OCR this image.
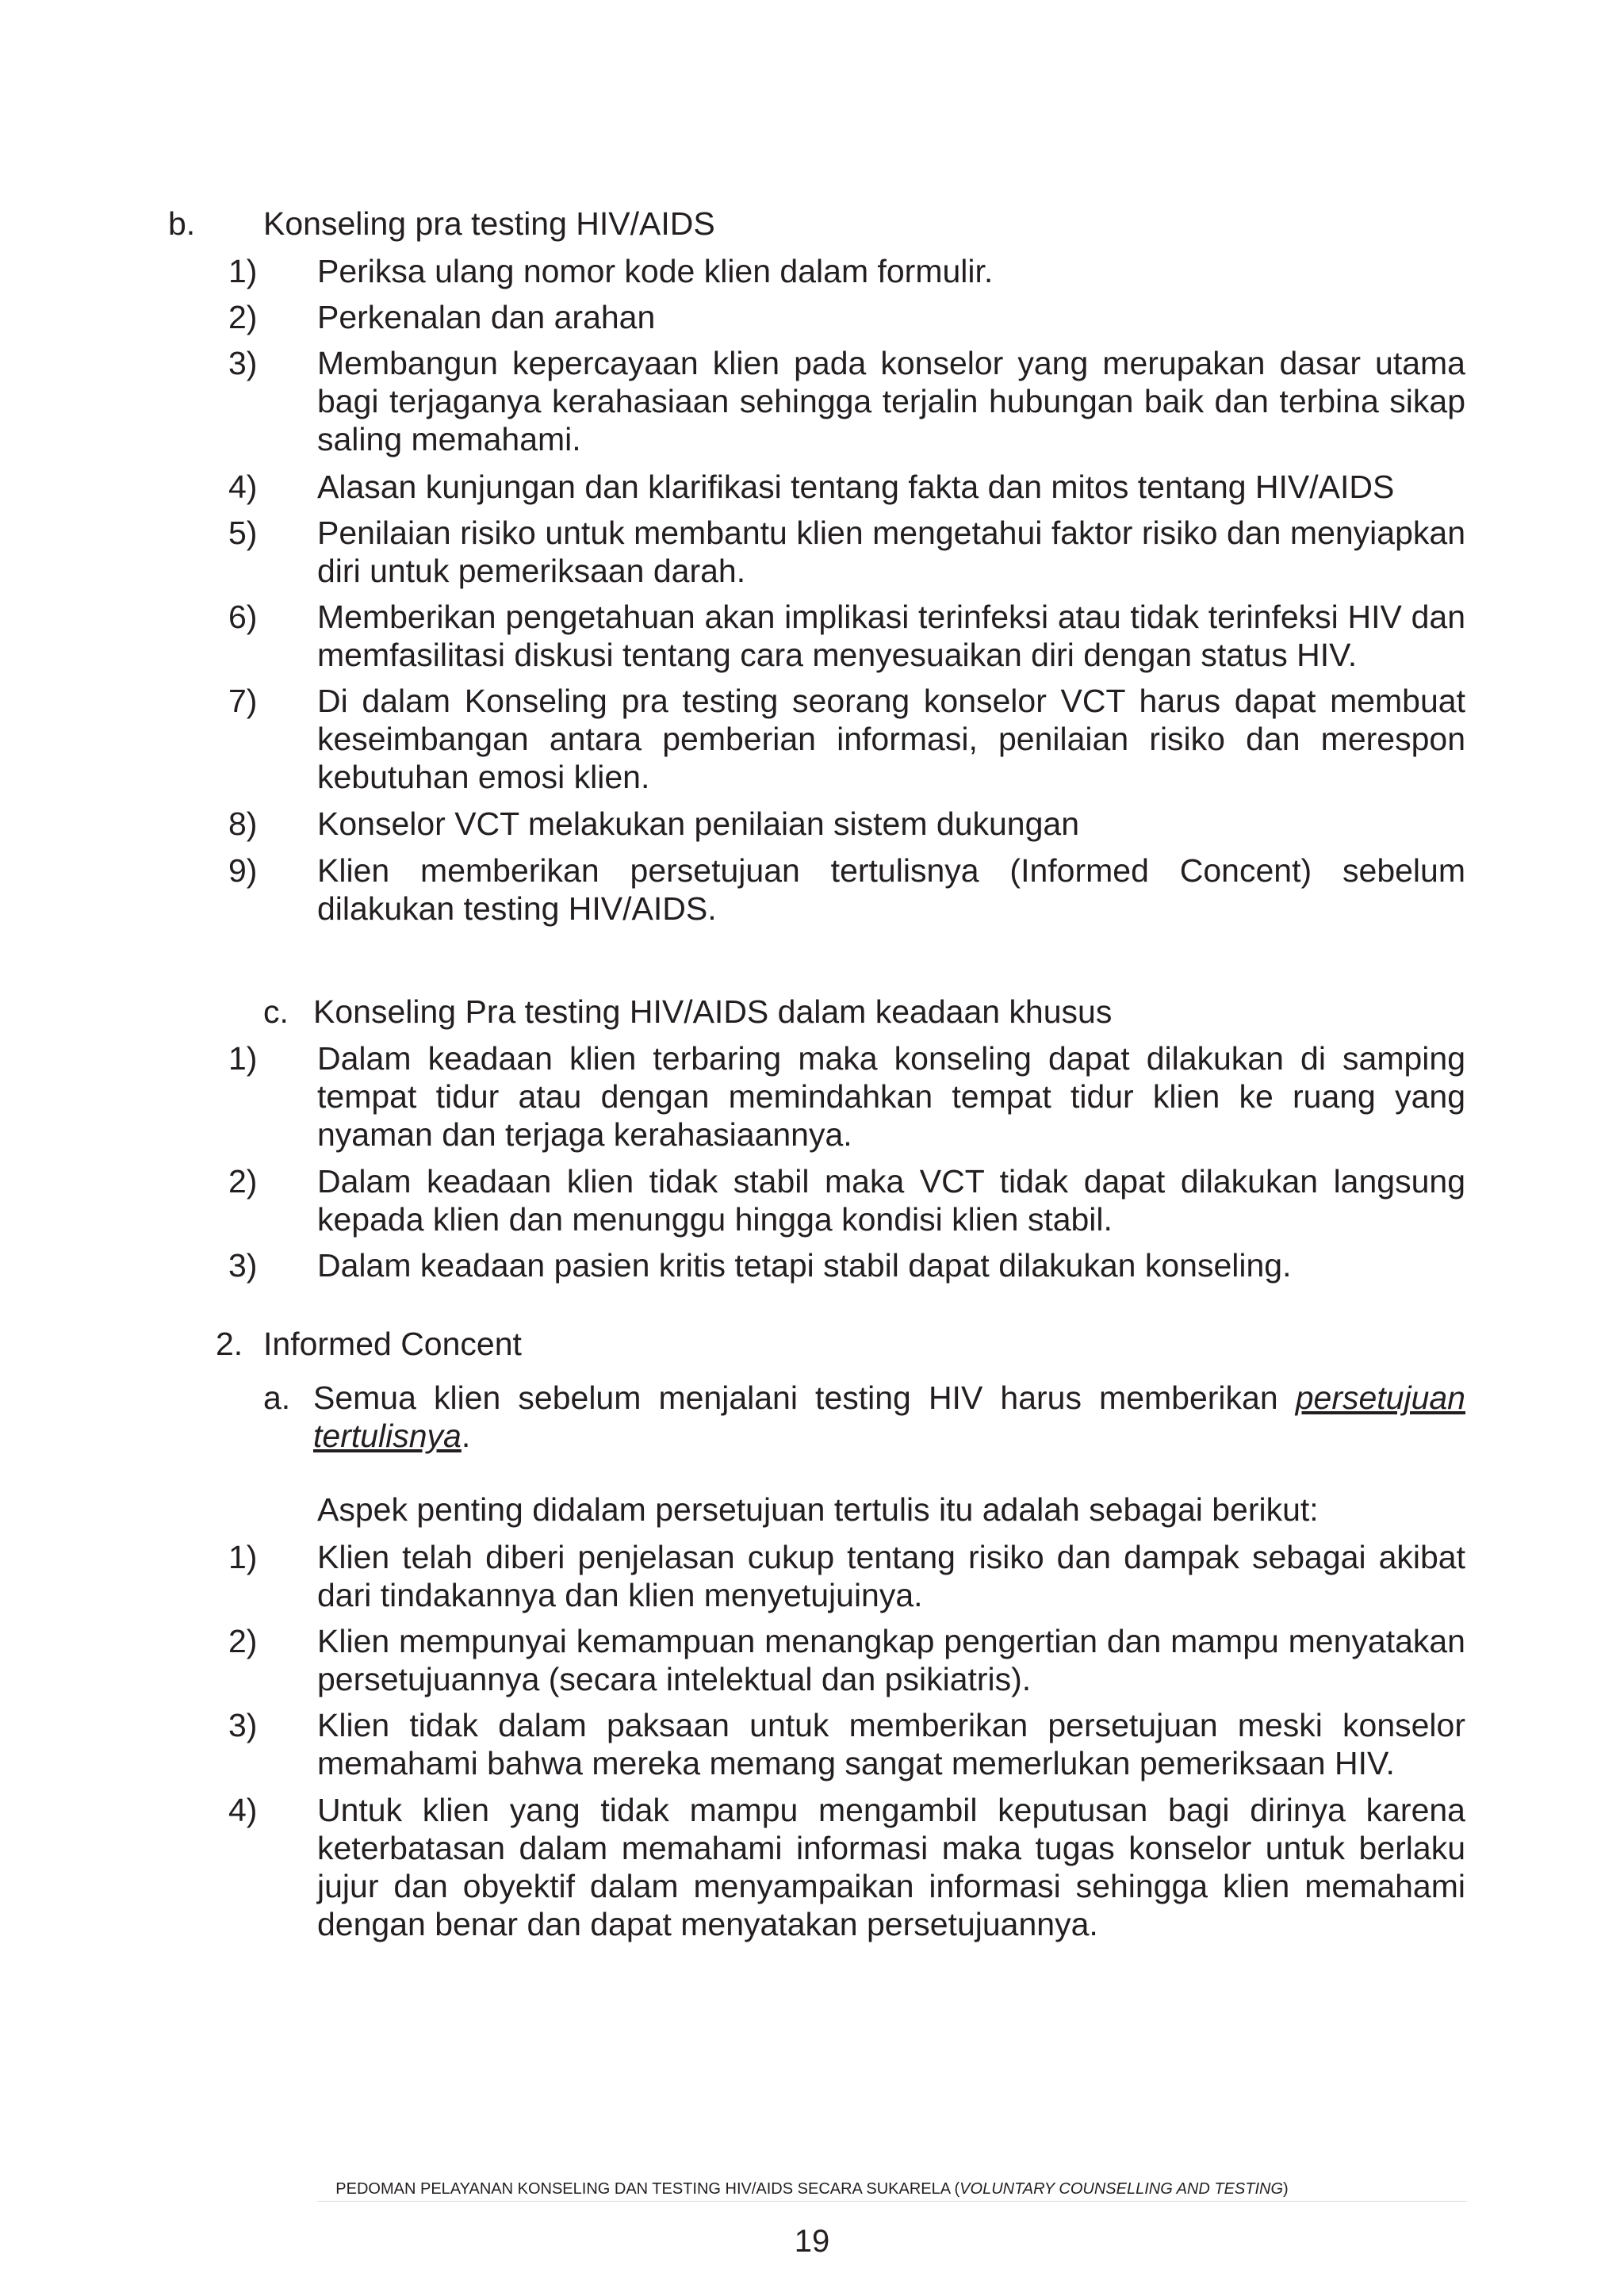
b. Konseling pra testing HIV/AIDS
1)	Periksa ulang nomor kode klien dalam formulir.
2)	Perkenalan dan arahan
3)	Membangun kepercayaan klien pada konselor yang merupakan dasar utama bagi terjaganya kerahasiaan sehingga terjalin hubungan baik dan terbina sikap saling memahami.
4)	Alasan kunjungan dan klarifikasi tentang fakta dan mitos tentang HIV/AIDS
5)	Penilaian risiko untuk membantu klien mengetahui faktor risiko dan menyiapkan diri untuk pemeriksaan darah.
6)	Memberikan pengetahuan akan implikasi terinfeksi atau tidak terinfeksi HIV dan memfasilitasi diskusi tentang cara menyesuaikan diri dengan status HIV.
7)	Di dalam Konseling pra testing seorang konselor VCT harus dapat membuat keseimbangan antara pemberian informasi, penilaian risiko dan merespon kebutuhan emosi klien.
8)	Konselor VCT melakukan penilaian sistem dukungan
9)	Klien memberikan persetujuan tertulisnya (Informed Concent) sebelum dilakukan testing HIV/AIDS.
c. Konseling Pra testing HIV/AIDS dalam keadaan khusus
1)	Dalam keadaan klien terbaring maka konseling dapat dilakukan di samping tempat tidur atau dengan memindahkan tempat tidur klien ke ruang yang nyaman dan terjaga kerahasiaannya.
2)	Dalam keadaan klien tidak stabil maka VCT tidak dapat dilakukan langsung kepada klien dan menunggu hingga kondisi klien stabil.
3)	Dalam keadaan pasien kritis tetapi stabil dapat dilakukan konseling.
2. Informed Concent
a. Semua klien sebelum menjalani testing HIV harus memberikan persetujuan tertulisnya.
Aspek penting didalam persetujuan tertulis itu adalah sebagai berikut:
1)	Klien telah diberi penjelasan cukup tentang risiko dan dampak sebagai akibat dari tindakannya dan klien menyetujuinya.
2)	Klien mempunyai kemampuan menangkap pengertian dan mampu menyatakan persetujuannya (secara intelektual dan psikiatris).
3)	Klien tidak dalam paksaan untuk memberikan persetujuan meski konselor memahami bahwa mereka memang sangat memerlukan pemeriksaan HIV.
4)	Untuk klien yang tidak mampu mengambil keputusan bagi dirinya karena keterbatasan dalam memahami informasi maka tugas konselor untuk berlaku jujur dan obyektif dalam menyampaikan informasi sehingga klien memahami dengan benar dan dapat menyatakan persetujuannya.
PEDOMAN PELAYANAN KONSELING DAN TESTING HIV/AIDS SECARA SUKARELA (VOLUNTARY COUNSELLING AND TESTING)
19
